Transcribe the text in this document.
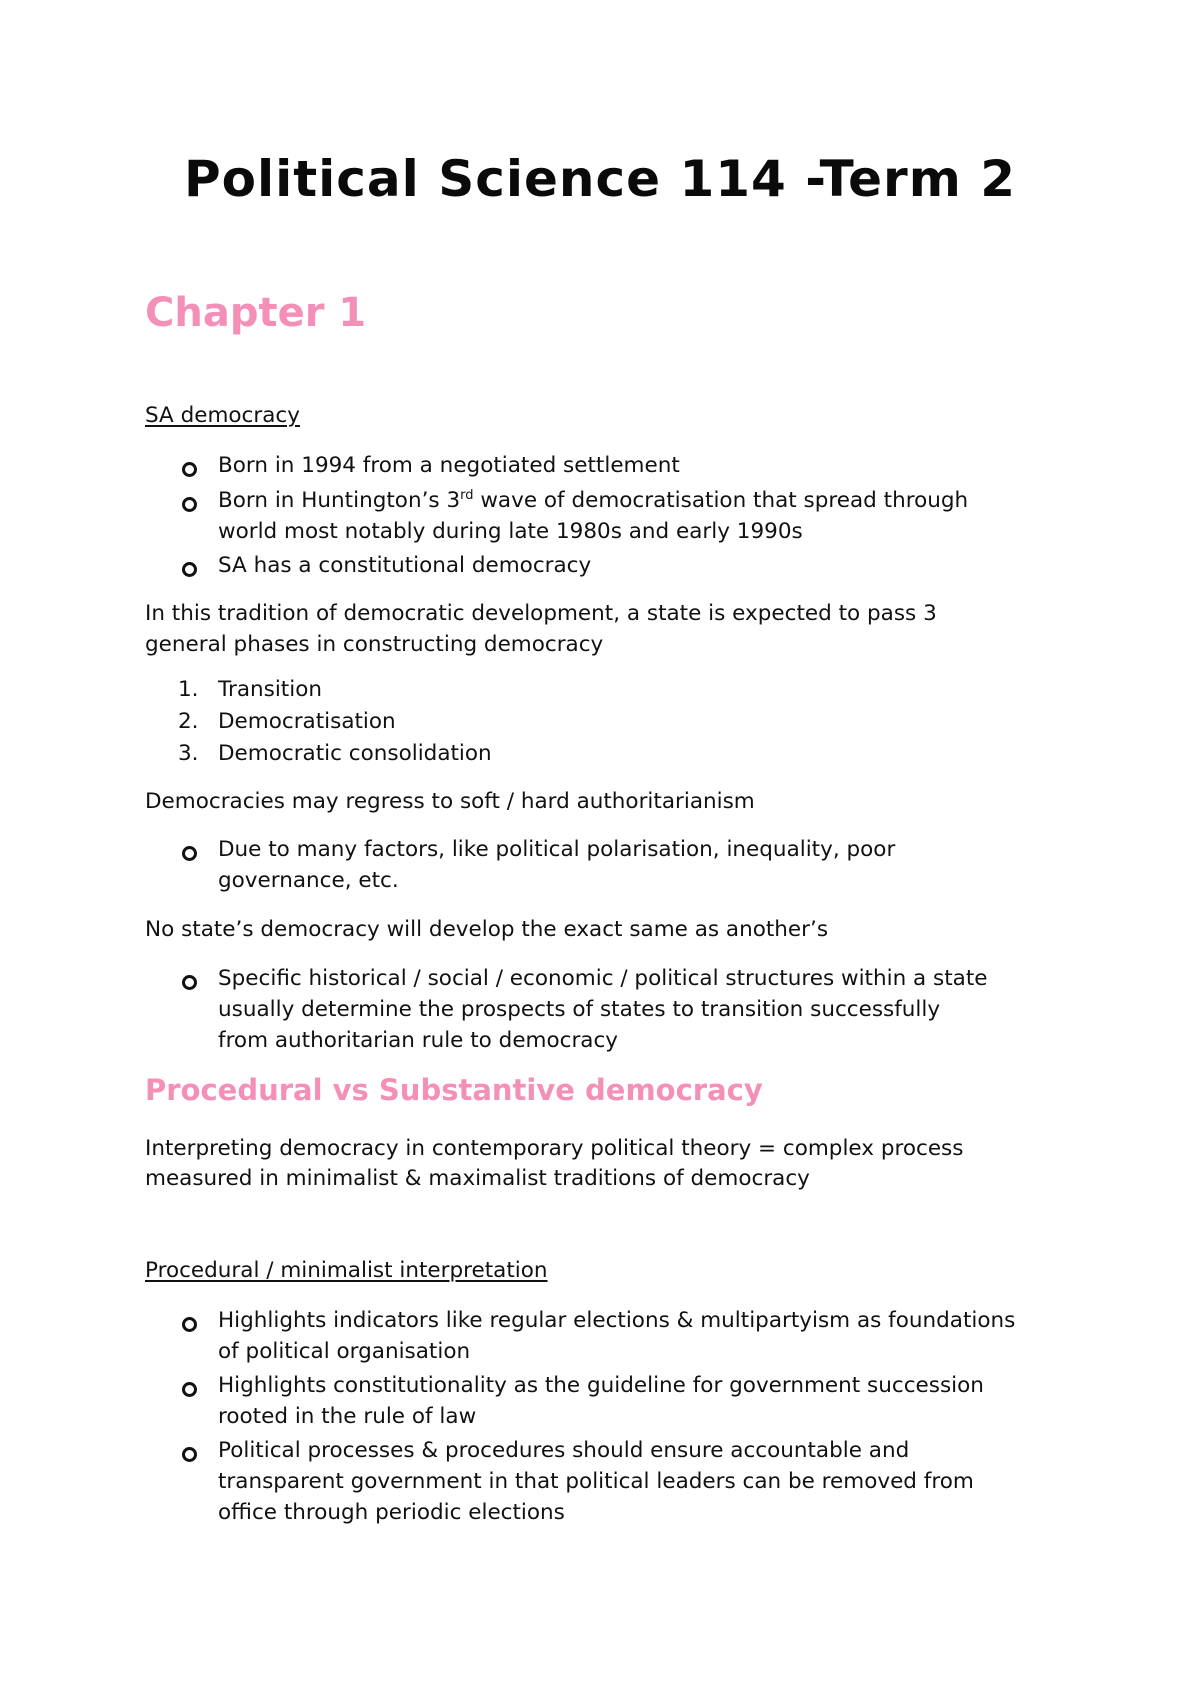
Political Science 114 -Term 2
Chapter 1
SA democracy
Born in 1994 from a negotiated settlement
Born in Huntington’s 3rd wave of democratisation that spread through
world most notably during late 1980s and early 1990s
SA has a constitutional democracy
In this tradition of democratic development, a state is expected to pass 3
general phases in constructing democracy
1. Transition
2. Democratisation
3. Democratic consolidation
Democracies may regress to soft / hard authoritarianism
Due to many factors, like political polarisation, inequality, poor
governance, etc.
No state’s democracy will develop the exact same as another’s
Specific historical / social / economic / political structures within a state
usually determine the prospects of states to transition successfully
from authoritarian rule to democracy
Procedural vs Substantive democracy
Interpreting democracy in contemporary political theory = complex process
measured in minimalist & maximalist traditions of democracy
Procedural / minimalist interpretation
Highlights indicators like regular elections & multipartyism as foundations
of political organisation
Highlights constitutionality as the guideline for government succession
rooted in the rule of law
Political processes & procedures should ensure accountable and
transparent government in that political leaders can be removed from
office through periodic elections
